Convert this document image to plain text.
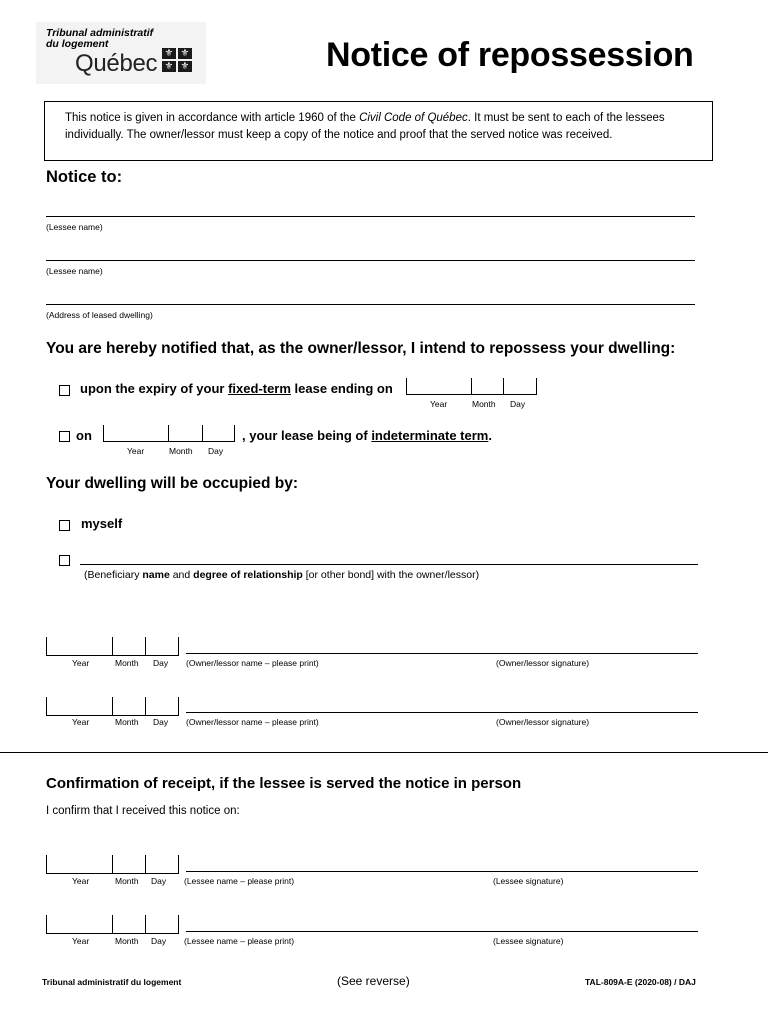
Tribunal administratif
du logement
Québec ⚜ ⚜
⚜ ⚜	Notice of repossession
This notice is given in accordance with article 1960 of the Civil Code of Québec. It must be sent to each of the lessees individually. The owner/lessor must keep a copy of the notice and proof that the served notice was received.
Notice to:
(Lessee name)
(Lessee name)
(Address of leased dwelling)
You are hereby notified that, as the owner/lessor, I intend to repossess your dwelling:
upon the expiry of your fixed-term lease ending on
Year	Month Day
on	, your lease being of indeterminate term.
Year	Month Day
Your dwelling will be occupied by:
myself
(Beneficiary name and degree of relationship [or other bond] with the owner/lessor)
Year	Month Day (Owner/lessor name – please print)	(Owner/lessor signature)
Year	Month Day (Owner/lessor name – please print)	(Owner/lessor signature)
Confirmation of receipt, if the lessee is served the notice in person
I confirm that I received this notice on:
Year	Month Day (Lessee name – please print)	(Lessee signature)
Year	Month Day (Lessee name – please print)	(Lessee signature)
Tribunal administratif du logement	(See reverse)	TAL-809A-E (2020-08) / DAJ
